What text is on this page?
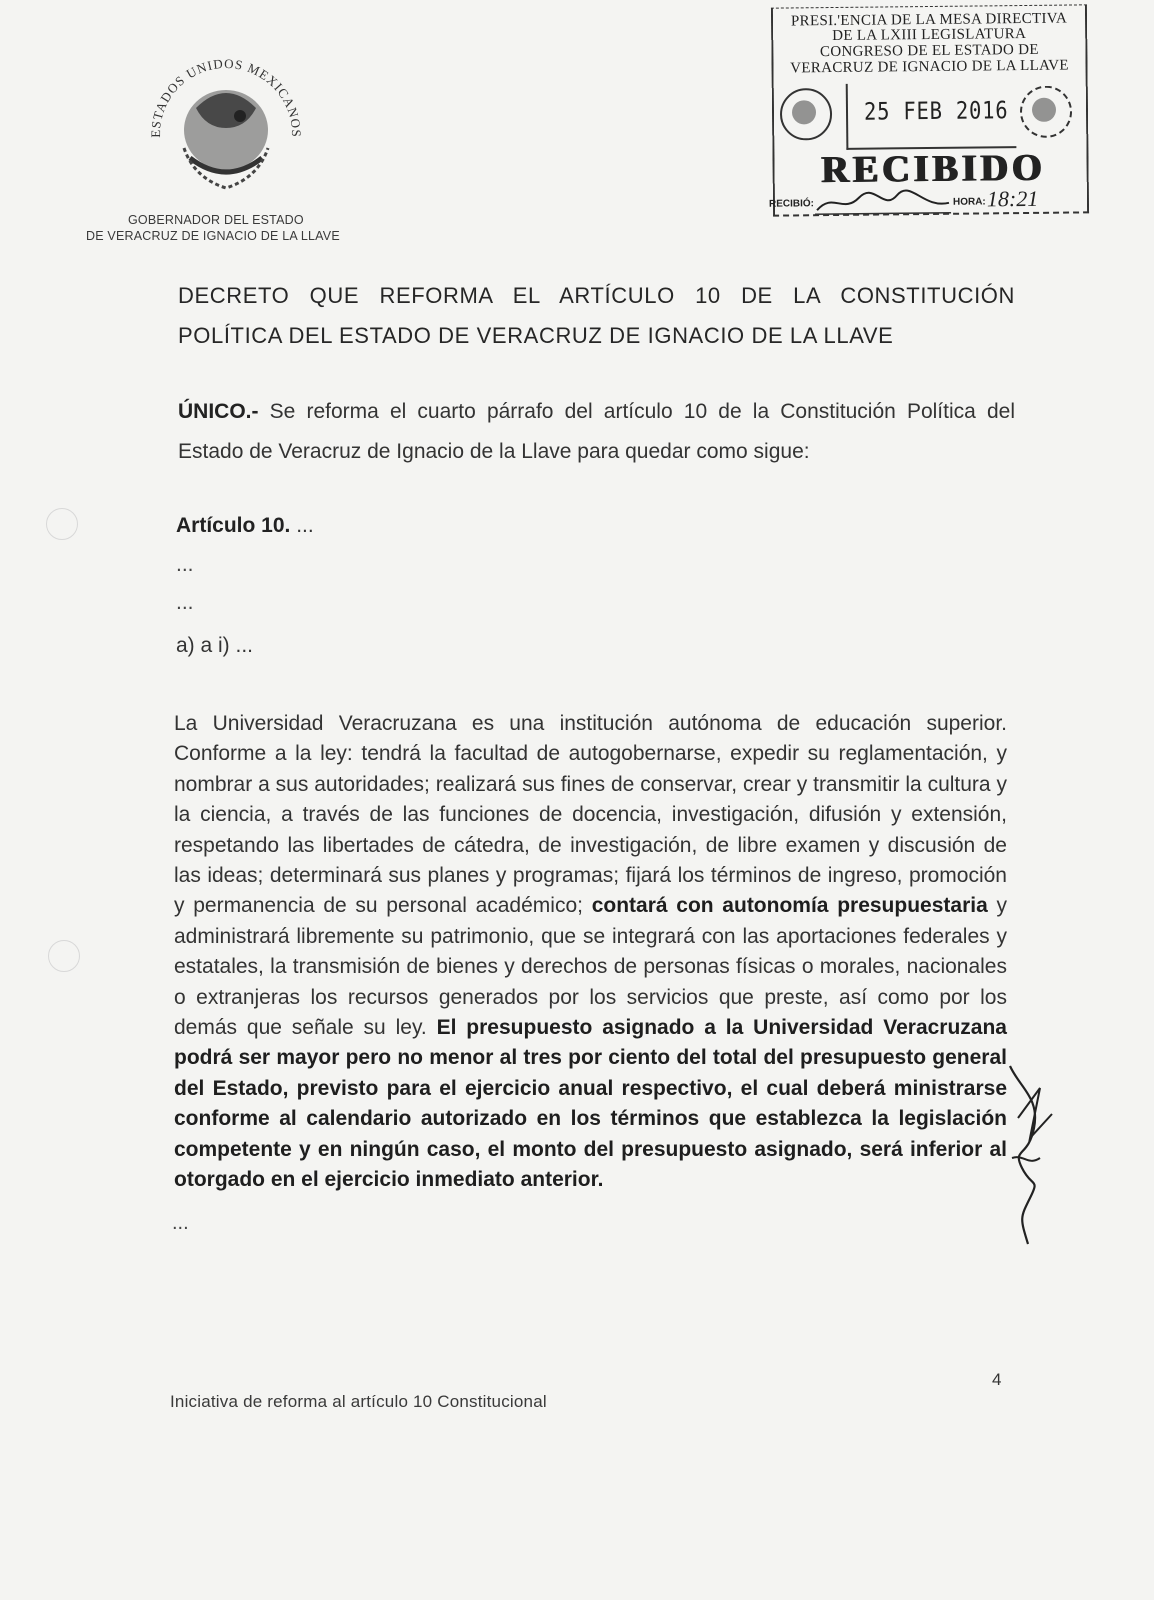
ESTADOS UNIDOS MEXICANOS
GOBERNADOR DEL ESTADO
DE VERACRUZ DE IGNACIO DE LA LLAVE
PRESI.'ENCIA DE LA MESA DIRECTIVA
DE LA LXIII LEGISLATURA
CONGRESO DE EL ESTADO DE
VERACRUZ DE IGNACIO DE LA LLAVE
25 FEB 2016
RECIBIDO
RECIBIÓ:	HORA: 18:21
DECRETO QUE REFORMA EL ARTÍCULO 10 DE LA CONSTITUCIÓN
POLÍTICA DEL ESTADO DE VERACRUZ DE IGNACIO DE LA LLAVE
ÚNICO.- Se reforma el cuarto párrafo del artículo 10 de la Constitución Política del Estado de Veracruz de Ignacio de la Llave para quedar como sigue:
Artículo 10. ...
...
...
a) a i) ...
La Universidad Veracruzana es una institución autónoma de educación superior. Conforme a la ley: tendrá la facultad de autogobernarse, expedir su reglamentación, y nombrar a sus autoridades; realizará sus fines de conservar, crear y transmitir la cultura y la ciencia, a través de las funciones de docencia, investigación, difusión y extensión, respetando las libertades de cátedra, de investigación, de libre examen y discusión de las ideas; determinará sus planes y programas; fijará los términos de ingreso, promoción y permanencia de su personal académico; contará con autonomía presupuestaria y administrará libremente su patrimonio, que se integrará con las aportaciones federales y estatales, la transmisión de bienes y derechos de personas físicas o morales, nacionales o extranjeras los recursos generados por los servicios que preste, así como por los demás que señale su ley. El presupuesto asignado a la Universidad Veracruzana podrá ser mayor pero no menor al tres por ciento del total del presupuesto general del Estado, previsto para el ejercicio anual respectivo, el cual deberá ministrarse conforme al calendario autorizado en los términos que establezca la legislación competente y en ningún caso, el monto del presupuesto asignado, será inferior al otorgado en el ejercicio inmediato anterior.
...
4
Iniciativa de reforma al artículo 10 Constitucional
